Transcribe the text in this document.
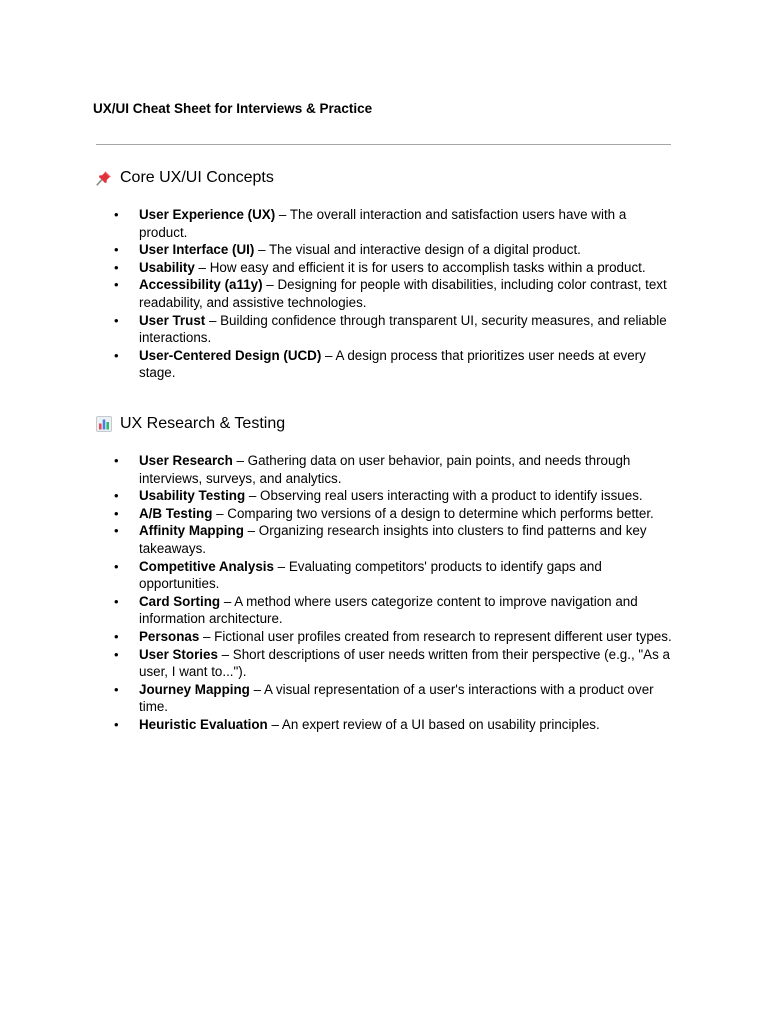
UX/UI Cheat Sheet for Interviews & Practice
Core UX/UI Concepts
• User Experience (UX) – The overall interaction and satisfaction users have with a product.
• User Interface (UI) – The visual and interactive design of a digital product.
• Usability – How easy and efficient it is for users to accomplish tasks within a product.
• Accessibility (a11y) – Designing for people with disabilities, including color contrast, text readability, and assistive technologies.
• User Trust – Building confidence through transparent UI, security measures, and reliable interactions.
• User-Centered Design (UCD) – A design process that prioritizes user needs at every stage.
UX Research & Testing
• User Research – Gathering data on user behavior, pain points, and needs through interviews, surveys, and analytics.
• Usability Testing – Observing real users interacting with a product to identify issues.
• A/B Testing – Comparing two versions of a design to determine which performs better.
• Affinity Mapping – Organizing research insights into clusters to find patterns and key takeaways.
• Competitive Analysis – Evaluating competitors' products to identify gaps and opportunities.
• Card Sorting – A method where users categorize content to improve navigation and information architecture.
• Personas – Fictional user profiles created from research to represent different user types.
• User Stories – Short descriptions of user needs written from their perspective (e.g., "As a user, I want to...").
• Journey Mapping – A visual representation of a user's interactions with a product over time.
• Heuristic Evaluation – An expert review of a UI based on usability principles.
